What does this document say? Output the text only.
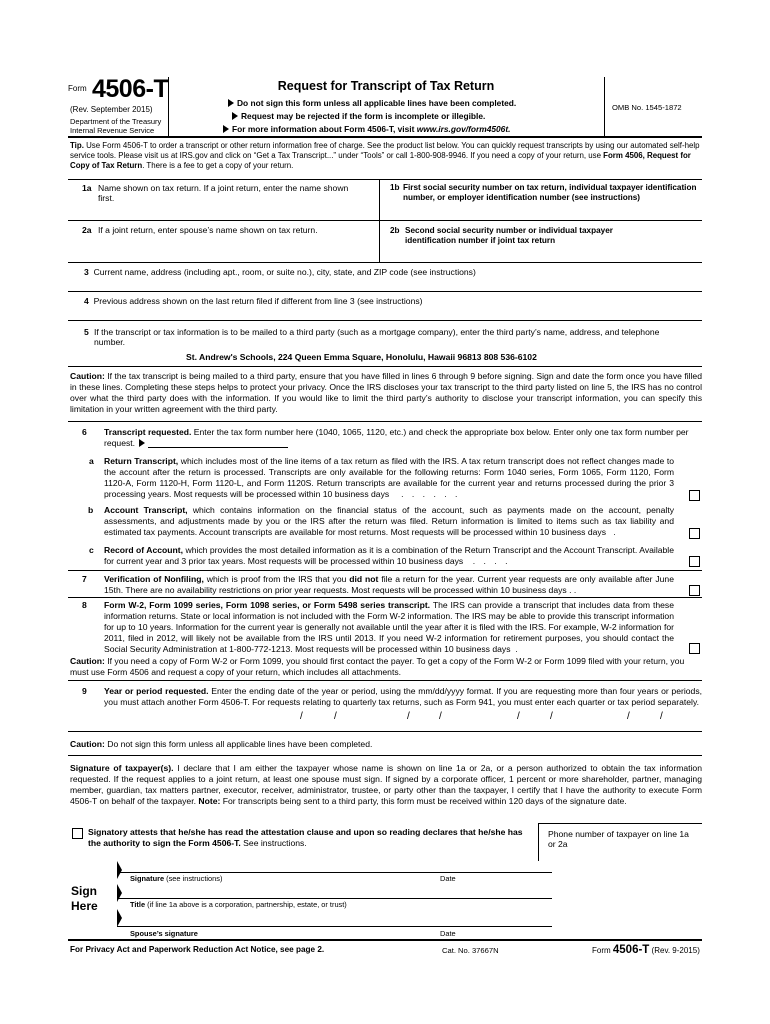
Form 4506-T
(Rev. September 2015)
Department of the Treasury
Internal Revenue Service
Request for Transcript of Tax Return
Do not sign this form unless all applicable lines have been completed.
Request may be rejected if the form is incomplete or illegible.
For more information about Form 4506-T, visit www.irs.gov/form4506t.
OMB No. 1545-1872
Tip. Use Form 4506-T to order a transcript or other return information free of charge. See the product list below. You can quickly request transcripts by using our automated self-help service tools. Please visit us at IRS.gov and click on “Get a Tax Transcript...” under “Tools” or call 1-800-908-9946. If you need a copy of your return, use Form 4506, Request for Copy of Tax Return. There is a fee to get a copy of your return.
1a Name shown on tax return. If a joint return, enter the name shown first.
1b First social security number on tax return, individual taxpayer identification number, or employer identification number (see instructions)
2a If a joint return, enter spouse’s name shown on tax return.	2b Second social security number or individual taxpayer identification number if joint tax return
3 Current name, address (including apt., room, or suite no.), city, state, and ZIP code (see instructions)
4 Previous address shown on the last return filed if different from line 3 (see instructions)
5 If the transcript or tax information is to be mailed to a third party (such as a mortgage company), enter the third party’s name, address, and telephone number.
St. Andrew's Schools, 224 Queen Emma Square, Honolulu, Hawaii 96813 808 536-6102
Caution: If the tax transcript is being mailed to a third party, ensure that you have filled in lines 6 through 9 before signing. Sign and date the form once you have filled in these lines. Completing these steps helps to protect your privacy. Once the IRS discloses your tax transcript to the third party listed on line 5, the IRS has no control over what the third party does with the information. If you would like to limit the third party’s authority to disclose your transcript information, you can specify this limitation in your written agreement with the third party.
6 Transcript requested. Enter the tax form number here (1040, 1065, 1120, etc.) and check the appropriate box below. Enter only one tax form number per request.
a Return Transcript, which includes most of the line items of a tax return as filed with the IRS. A tax return transcript does not reflect changes made to the account after the return is processed. Transcripts are only available for the following returns: Form 1040 series, Form 1065, Form 1120, Form 1120-A, Form 1120-H, Form 1120-L, and Form 1120S. Return transcripts are available for the current year and returns processed during the prior 3 processing years. Most requests will be processed within 10 business days . . . . . .
b Account Transcript, which contains information on the financial status of the account, such as payments made on the account, penalty assessments, and adjustments made by you or the IRS after the return was filed. Return information is limited to items such as tax liability and estimated tax payments. Account transcripts are available for most returns. Most requests will be processed within 10 business days .
c Record of Account, which provides the most detailed information as it is a combination of the Return Transcript and the Account Transcript. Available for current year and 3 prior tax years. Most requests will be processed within 10 business days . . . .
7 Verification of Nonfiling, which is proof from the IRS that you did not file a return for the year. Current year requests are only available after June 15th. There are no availability restrictions on prior year requests. Most requests will be processed within 10 business days . .
8 Form W-2, Form 1099 series, Form 1098 series, or Form 5498 series transcript. The IRS can provide a transcript that includes data from these information returns. State or local information is not included with the Form W-2 information. The IRS may be able to provide this transcript information for up to 10 years. Information for the current year is generally not available until the year after it is filed with the IRS. For example, W-2 information for 2011, filed in 2012, will likely not be available from the IRS until 2013. If you need W-2 information for retirement purposes, you should contact the Social Security Administration at 1-800-772-1213. Most requests will be processed within 10 business days .
Caution: If you need a copy of Form W-2 or Form 1099, you should first contact the payer. To get a copy of the Form W-2 or Form 1099 filed with your return, you must use Form 4506 and request a copy of your return, which includes all attachments.
9 Year or period requested. Enter the ending date of the year or period, using the mm/dd/yyyy format. If you are requesting more than four years or periods, you must attach another Form 4506-T. For requests relating to quarterly tax returns, such as Form 941, you must enter each quarter or tax period separately.
/	/	/	/	/	/	/	/
Caution: Do not sign this form unless all applicable lines have been completed.
Signature of taxpayer(s). I declare that I am either the taxpayer whose name is shown on line 1a or 2a, or a person authorized to obtain the tax information requested. If the request applies to a joint return, at least one spouse must sign. If signed by a corporate officer, 1 percent or more shareholder, partner, managing member, guardian, tax matters partner, executor, receiver, administrator, trustee, or party other than the taxpayer, I certify that I have the authority to execute Form 4506-T on behalf of the taxpayer. Note: For transcripts being sent to a third party, this form must be received within 120 days of the signature date.
Signatory attests that he/she has read the attestation clause and upon so reading declares that he/she has the authority to sign the Form 4506-T. See instructions.
Phone number of taxpayer on line 1a or 2a
Sign
Here
Signature (see instructions)	Date
Title (if line 1a above is a corporation, partnership, estate, or trust)
Spouse’s signature	Date
For Privacy Act and Paperwork Reduction Act Notice, see page 2.	Cat. No. 37667N	Form 4506-T (Rev. 9-2015)
